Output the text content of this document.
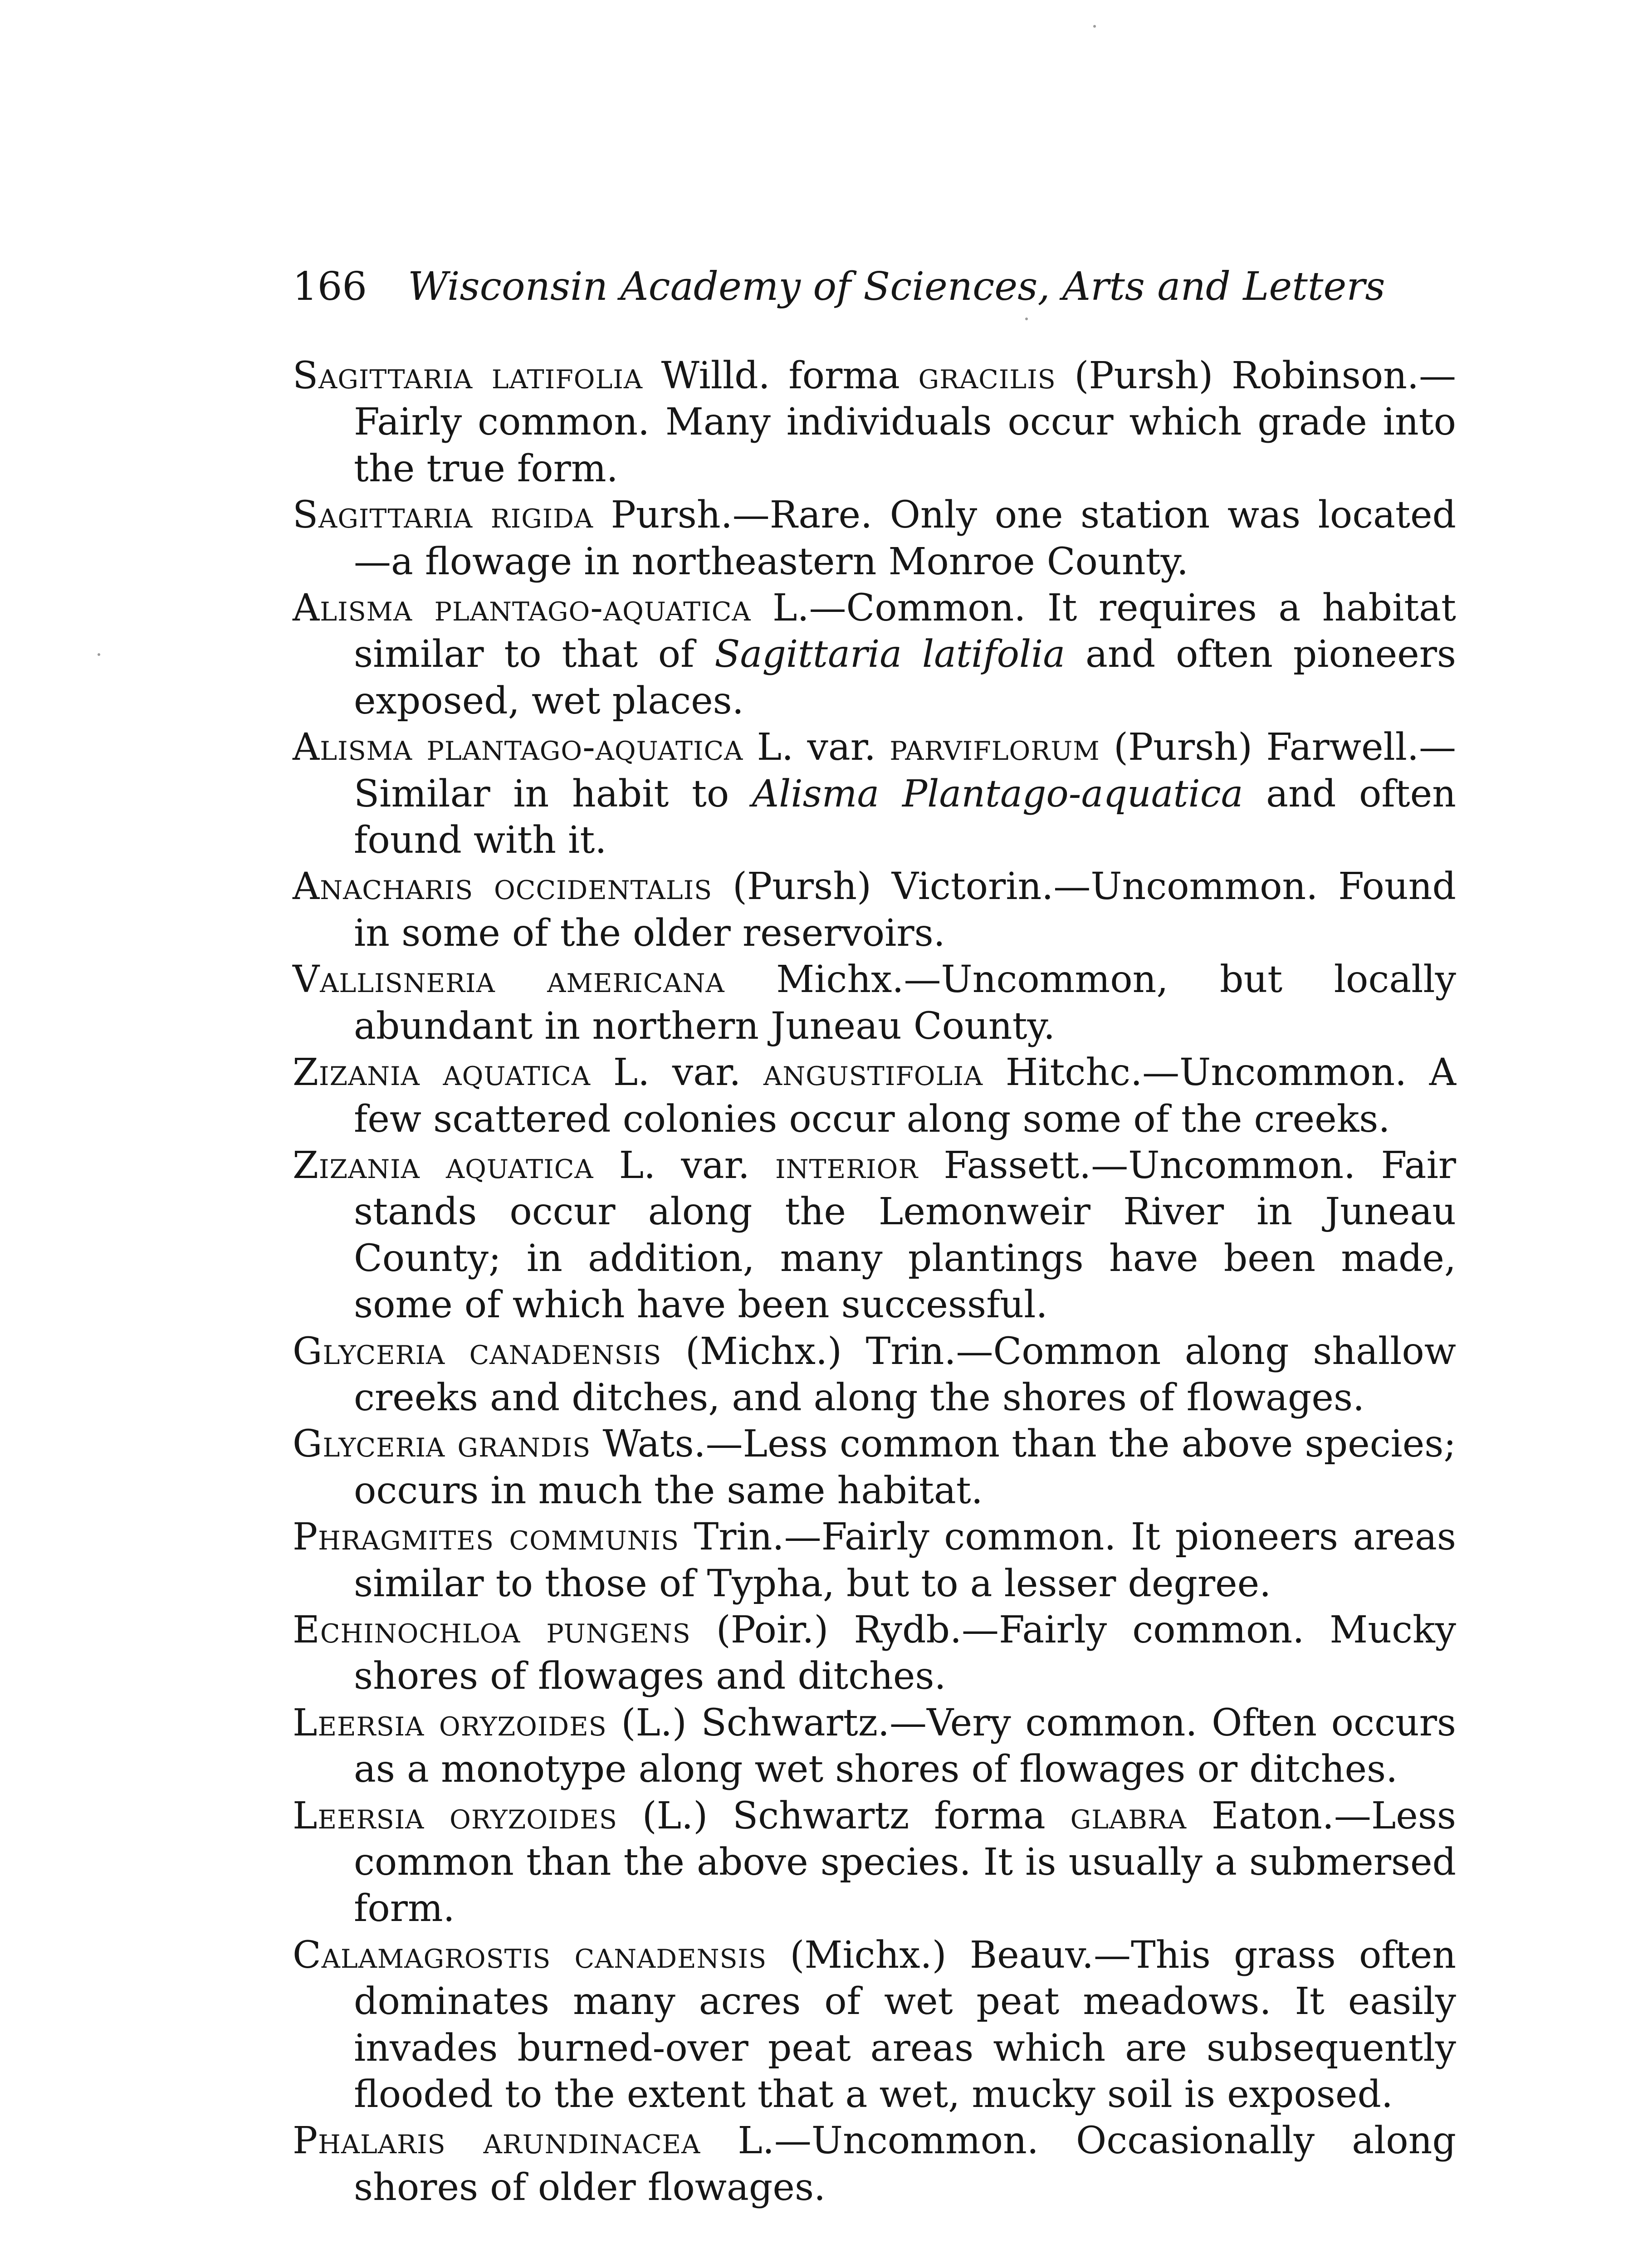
166 Wisconsin Academy of Sciences, Arts and Letters

Sagittaria latifolia Willd. forma gracilis (Pursh) Robinson.—Fairly common. Many individuals occur which grade into the true form.

Sagittaria rigida Pursh.—Rare. Only one station was located —a flowage in northeastern Monroe County.

Alisma plantago-aquatica L.—Common. It requires a habitat similar to that of Sagittaria latifolia and often pioneers exposed, wet places.

Alisma plantago-aquatica L. var. parviflorum (Pursh) Farwell.—Similar in habit to Alisma Plantago-aquatica and often found with it.

Anacharis occidentalis (Pursh) Victorin.—Uncommon. Found in some of the older reservoirs.

Vallisneria americana Michx.—Uncommon, but locally abundant in northern Juneau County.

Zizania aquatica L. var. angustifolia Hitchc.—Uncommon. A few scattered colonies occur along some of the creeks.

Zizania aquatica L. var. interior Fassett.—Uncommon. Fair stands occur along the Lemonweir River in Juneau County; in addition, many plantings have been made, some of which have been successful.

Glyceria canadensis (Michx.) Trin.—Common along shallow creeks and ditches, and along the shores of flowages.

Glyceria grandis Wats.—Less common than the above species; occurs in much the same habitat.

Phragmites communis Trin.—Fairly common. It pioneers areas similar to those of Typha, but to a lesser degree.

Echinochloa pungens (Poir.) Rydb.—Fairly common. Mucky shores of flowages and ditches.

Leersia oryzoides (L.) Schwartz.—Very common. Often occurs as a monotype along wet shores of flowages or ditches.

Leersia oryzoides (L.) Schwartz forma glabra Eaton.—Less common than the above species. It is usually a submersed form.

Calamagrostis canadensis (Michx.) Beauv.—This grass often dominates many acres of wet peat meadows. It easily invades burned-over peat areas which are subsequently flooded to the extent that a wet, mucky soil is exposed.

Phalaris arundinacea L.—Uncommon. Occasionally along shores of older flowages.
